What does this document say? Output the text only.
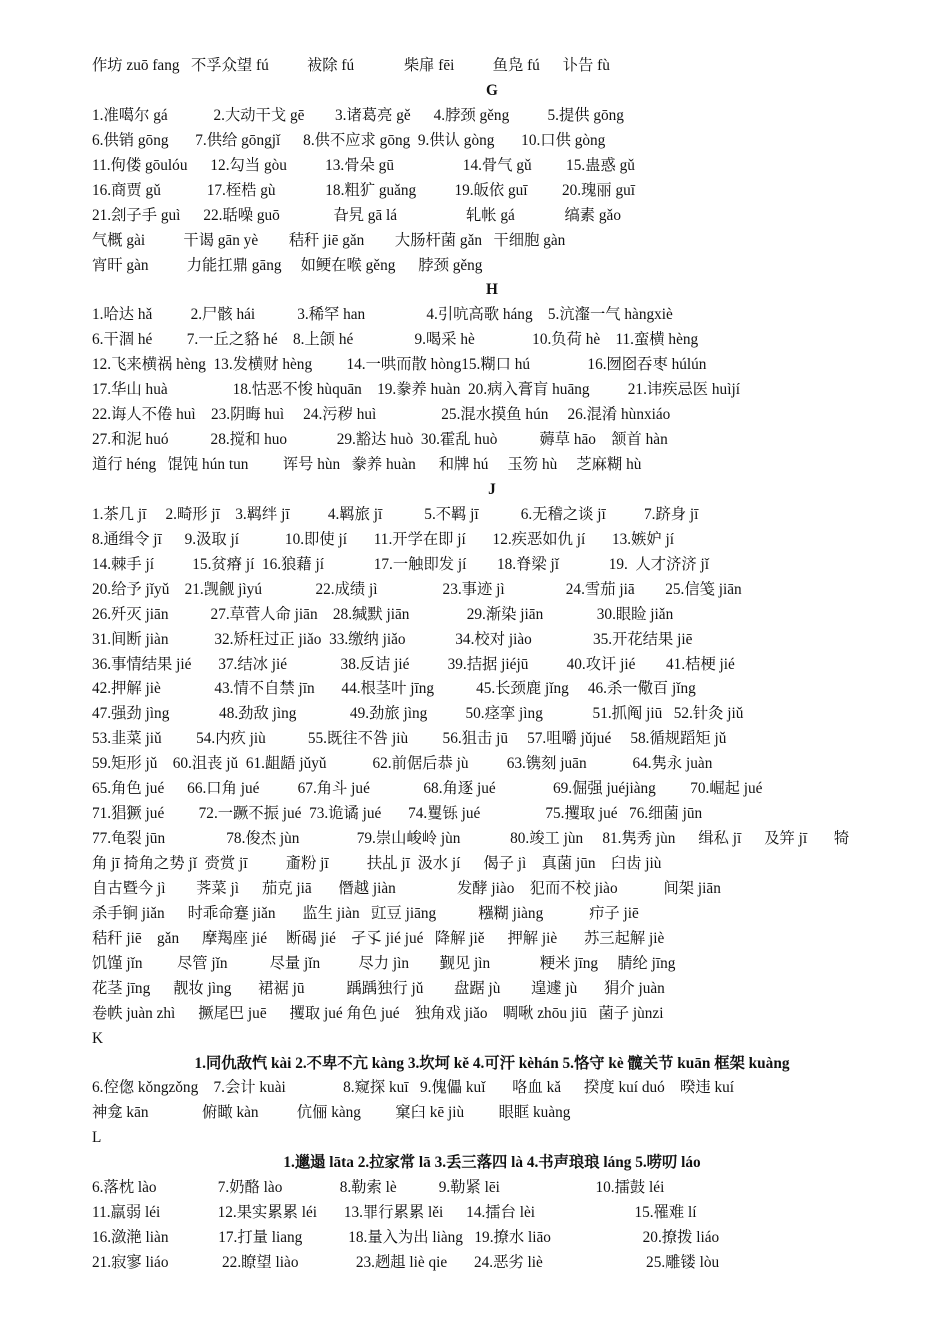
作坊 zuō fang   不孚众望 fú          袚除 fú             柴扉 fēi          鱼凫 fú      讣告 fù
G
1.准噶尔 gá            2.大动干戈 gē        3.诸葛亮 gě      4.脖颈 gěng          5.提供 gōng
6.供销 gōng       7.供给 gōngjǐ      8.供不应求 gōng  9.供认 gòng       10.口供 gòng
11.佝偻 gōulóu      12.勾当 gòu          13.骨朵 gū                  14.骨气 gǔ         15.蛊惑 gǔ
16.商贾 gǔ            17.桎梏 gù             18.粗犷 guǎng          19.皈依 guī         20.瑰丽 guī
21.刽子手 guì      22.聒噪 guō              旮旯 gā lá                  轧帐 gá             缟素 gǎo
气概 gài          干谒 gān yè        秸秆 jiē gǎn        大肠杆菌 gǎn   干细胞 gàn
宵旰 gàn          力能扛鼎 gāng     如鲠在喉 gěng      脖颈 gěng
H
1.哈达 hǎ          2.尸骸 hái           3.稀罕 han                4.引吭高歌 háng    5.沆瀣一气 hàngxiè
6.干涸 hé         7.一丘之貉 hé    8.上颌 hé                9.喝采 hè               10.负荷 hè    11.蛮横 hèng
12.飞来横祸 hèng  13.发横财 hèng         14.一哄而散 hòng15.糊口 hú               16.囫囵吞枣 húlún
17.华山 huà                 18.怙恶不悛 hùquān    19.豢养 huàn  20.病入膏肓 huāng          21.讳疾忌医 huìjí
22.诲人不倦 huì    23.阴晦 huì     24.污秽 huì                 25.混水摸鱼 hún     26.混淆 hùnxiáo
27.和泥 huó           28.搅和 huo             29.豁达 huò  30.霍乱 huò           薅草 hāo    颔首 hàn
道行 héng   馄饨 hún tun         诨号 hùn   豢养 huàn      和牌 hú     玉笏 hù     芝麻糊 hù
J
1.茶几 jī     2.畸形 jī    3.羁绊 jī          4.羁旅 jī           5.不羁 jī           6.无稽之谈 jī          7.跻身 jī
8.通缉令 jī      9.汲取 jí            10.即使 jí       11.开学在即 jí       12.疾恶如仇 jí       13.嫉妒 jí
14.棘手 jí          15.贫瘠 jí  16.狼藉 jí             17.一触即发 jí        18.脊梁 jǐ             19.  人才济济 jǐ
20.给予 jǐyǔ    21.觊觎 jìyú              22.成绩 jì                 23.事迹 jì                24.雪茄 jiā        25.信笺 jiān
26.歼灭 jiān           27.草菅人命 jiān    28.缄默 jiān               29.渐染 jiān              30.眼睑 jiǎn
31.间断 jiàn            32.矫枉过正 jiǎo  33.缴纳 jiǎo             34.校对 jiào                35.开花结果 jiē
36.事情结果 jié       37.结冰 jié              38.反诘 jié          39.拮据 jiéjū          40.攻讦 jié        41.桔梗 jié
42.押解 jiè              43.情不自禁 jīn       44.根茎叶 jīng           45.长颈鹿 jǐng     46.杀一儆百 jǐng
47.强劲 jìng             48.劲敌 jìng              49.劲旅 jìng          50.痉挛 jìng             51.抓阄 jiū   52.针灸 jiǔ
53.韭菜 jiǔ         54.内疚 jiù           55.既往不咎 jiù         56.狙击 jū     57.咀嚼 jǔjué     58.循规蹈矩 jǔ
59.矩形 jǔ    60.沮丧 jǔ  61.龃龉 jǔyǔ            62.前倨后恭 jù          63.镌刻 juān            64.隽永 juàn
65.角色 jué      66.口角 jué          67.角斗 jué              68.角逐 jué               69.倔强 juéjiàng         70.崛起 jué
71.猖獗 jué         72.一蹶不振 jué  73.诡谲 jué       74.矍铄 jué                 75.攫取 jué   76.细菌 jūn
77.龟裂 jūn                78.俊杰 jùn               79.崇山峻岭 jùn             80.竣工 jùn     81.隽秀 jùn      缉私 jī      及笄 jī       犄
角 jī 掎角之势 jǐ  赍赏 jī          齑粉 jī          扶乩 jī  汲水 jí      偈子 jì    真菌 jūn    臼齿 jiù
自古暨今 jì        荠菜 jì      茄克 jiā       僭越 jiàn                发酵 jiào    犯而不校 jiào            间架 jiān
杀手锏 jiǎn      时乖命蹇 jiǎn       监生 jiàn   豇豆 jiāng           糨糊 jiàng            疖子 jiē
秸秆 jiē    gǎn      摩羯座 jié     断碣 jié    孑孓 jié jué   降解 jiě      押解 jiè       苏三起解 jiè
饥馑 jǐn         尽管 jǐn           尽量 jǐn          尽力 jìn        觐见 jìn             粳米 jīng     腈纶 jīng
花茎 jīng      靓妆 jìng       裙裾 jū           踽踽独行 jǔ        盘踞 jù        遑遽 jù       狷介 juàn
卷帙 juàn zhì      撅尾巴 juē      攫取 jué 角色 jué    独角戏 jiǎo    啁啾 zhōu jiū   菌子 jùnzi
K
1.同仇敌忾 kài 2.不卑不亢 kàng 3.坎坷 kě 4.可汗 kèhán 5.恪守 kè 髋关节 kuān 框架 kuàng
6.倥偬 kǒngzǒng    7.会计 kuài               8.窥探 kuī   9.傀儡 kuǐ       咯血 kǎ      揆度 kuí duó    暌违 kuí
神龛 kān              俯瞰 kàn          伉俪 kàng         窠臼 kē jiù         眼眶 kuàng
L
1.邋遢 lāta 2.拉家常 lā 3.丢三落四 là 4.书声琅琅 láng 5.唠叨 láo
6.落枕 lào                7.奶酪 lào               8.勒索 lè           9.勒紧 lēi                         10.擂鼓 léi
11.羸弱 léi               12.果实累累 léi       13.罪行累累 lěi      14.擂台 lèi                          15.罹难 lí
16.潋滟 liàn             17.打量 liang            18.量入为出 liàng   19.撩水 liāo                        20.撩拨 liáo
21.寂寥 liáo              22.瞭望 liào               23.趔趄 liè qie       24.恶劣 liè                           25.雕镂 lòu
